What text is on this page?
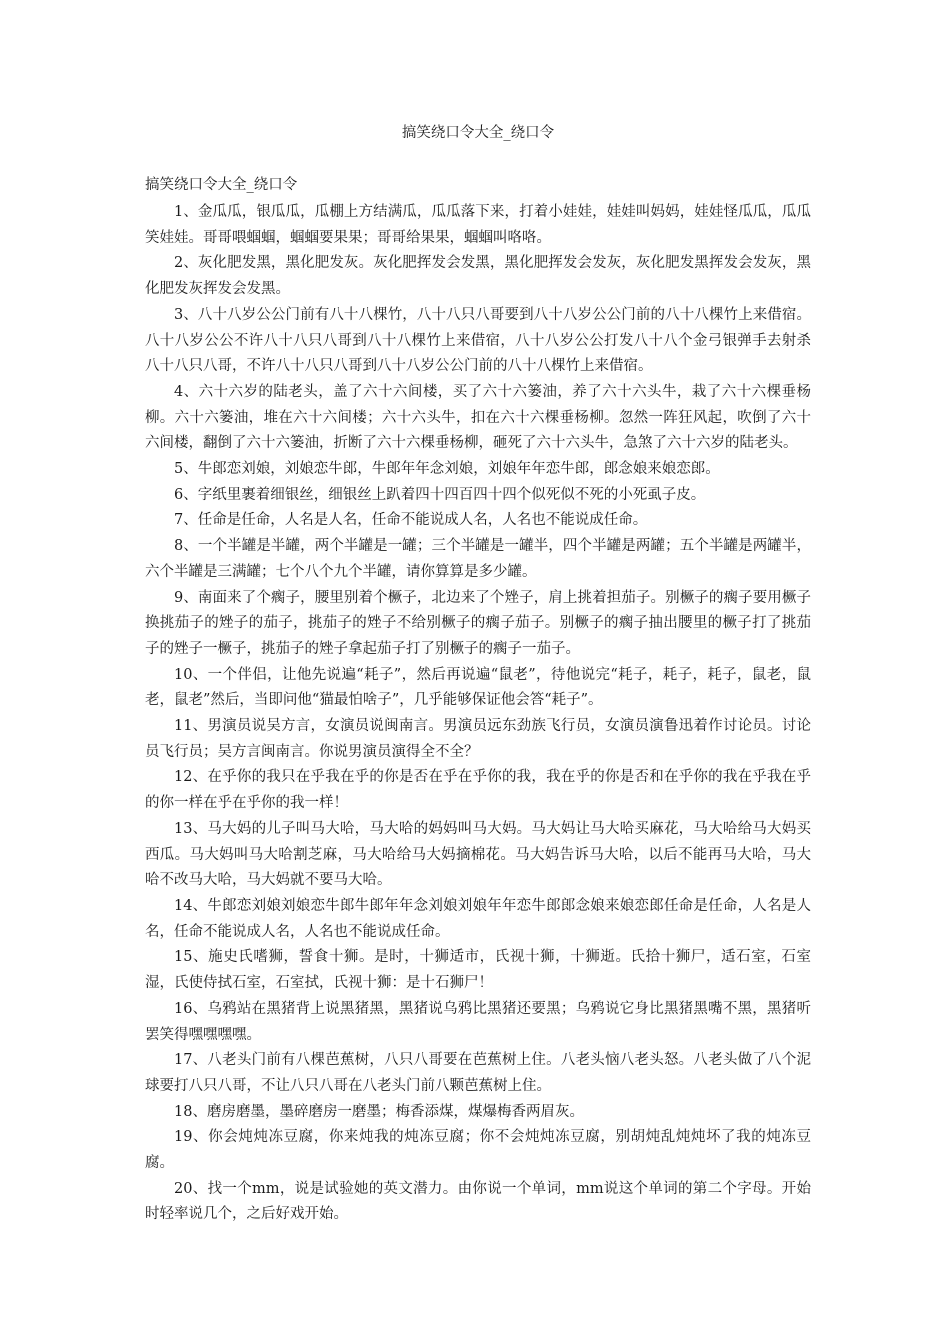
搞笑绕口令大全_绕口令
搞笑绕口令大全_绕口令

1、金瓜瓜，银瓜瓜，瓜棚上方结满瓜，瓜瓜落下来，打着小娃娃，娃娃叫妈妈，娃娃怪瓜瓜，瓜瓜笑娃娃。哥哥喂蝈蝈，蝈蝈要果果；哥哥给果果，蝈蝈叫咯咯。

2、灰化肥发黑，黑化肥发灰。灰化肥挥发会发黑，黑化肥挥发会发灰，灰化肥发黑挥发会发灰，黑化肥发灰挥发会发黑。

3、八十八岁公公门前有八十八棵竹，八十八只八哥要到八十八岁公公门前的八十八棵竹上来借宿。八十八岁公公不许八十八只八哥到八十八棵竹上来借宿，八十八岁公公打发八十八个金弓银弹手去射杀八十八只八哥，不许八十八只八哥到八十八岁公公门前的八十八棵竹上来借宿。

4、六十六岁的陆老头，盖了六十六间楼，买了六十六篓油，养了六十六头牛，栽了六十六棵垂杨柳。六十六篓油，堆在六十六间楼；六十六头牛，扣在六十六棵垂杨柳。忽然一阵狂风起，吹倒了六十六间楼，翻倒了六十六篓油，折断了六十六棵垂杨柳，砸死了六十六头牛，急煞了六十六岁的陆老头。

5、牛郎恋刘娘，刘娘恋牛郎，牛郎年年念刘娘，刘娘年年恋牛郎，郎念娘来娘恋郎。

6、字纸里裹着细银丝，细银丝上趴着四十四百四十四个似死似不死的小死虱子皮。

7、任命是任命，人名是人名，任命不能说成人名，人名也不能说成任命。

8、一个半罐是半罐，两个半罐是一罐；三个半罐是一罐半，四个半罐是两罐；五个半罐是两罐半，六个半罐是三满罐；七个八个九个半罐，请你算算是多少罐。

9、南面来了个瘸子，腰里别着个橛子，北边来了个矬子，肩上挑着担茄子。别橛子的瘸子要用橛子换挑茄子的矬子的茄子，挑茄子的矬子不给别橛子的瘸子茄子。别橛子的瘸子抽出腰里的橛子打了挑茄子的矬子一橛子，挑茄子的矬子拿起茄子打了别橛子的瘸子一茄子。

10、一个伴侣，让他先说遍“耗子”，然后再说遍“鼠老”，待他说完“耗子，耗子，耗子，鼠老，鼠老，鼠老”然后，当即问他“猫最怕啥子”，几乎能够保证他会答“耗子”。

11、男演员说吴方言，女演员说闽南言。男演员远东劲族飞行员，女演员演鲁迅着作讨论员。讨论员飞行员；吴方言闽南言。你说男演员演得全不全？

12、在乎你的我只在乎我在乎的你是否在乎在乎你的我，我在乎的你是否和在乎你的我在乎我在乎的你一样在乎在乎你的我一样！

13、马大妈的儿子叫马大哈，马大哈的妈妈叫马大妈。马大妈让马大哈买麻花，马大哈给马大妈买西瓜。马大妈叫马大哈割芝麻，马大哈给马大妈摘棉花。马大妈告诉马大哈，以后不能再马大哈，马大哈不改马大哈，马大妈就不要马大哈。

14、牛郎恋刘娘刘娘恋牛郎牛郎年年念刘娘刘娘年年恋牛郎郎念娘来娘恋郎任命是任命，人名是人名，任命不能说成人名，人名也不能说成任命。

15、施史氏嗜狮，誓食十狮。是时，十狮适市，氏视十狮，十狮逝。氏拾十狮尸，适石室，石室湿，氏使侍拭石室，石室拭，氏视十狮：是十石狮尸！

16、乌鸦站在黑猪背上说黑猪黑，黑猪说乌鸦比黑猪还要黑；乌鸦说它身比黑猪黑嘴不黑，黑猪听罢笑得嘿嘿嘿嘿。

17、八老头门前有八棵芭蕉树，八只八哥要在芭蕉树上住。八老头恼八老头怒。八老头做了八个泥球要打八只八哥，不让八只八哥在八老头门前八颗芭蕉树上住。

18、磨房磨墨，墨碎磨房一磨墨；梅香添煤，煤爆梅香两眉灰。

19、你会炖炖冻豆腐，你来炖我的炖冻豆腐；你不会炖炖冻豆腐，别胡炖乱炖炖坏了我的炖冻豆腐。

20、找一个mm，说是试验她的英文潜力。由你说一个单词，mm说这个单词的第二个字母。开始时轻率说几个，之后好戏开始。
